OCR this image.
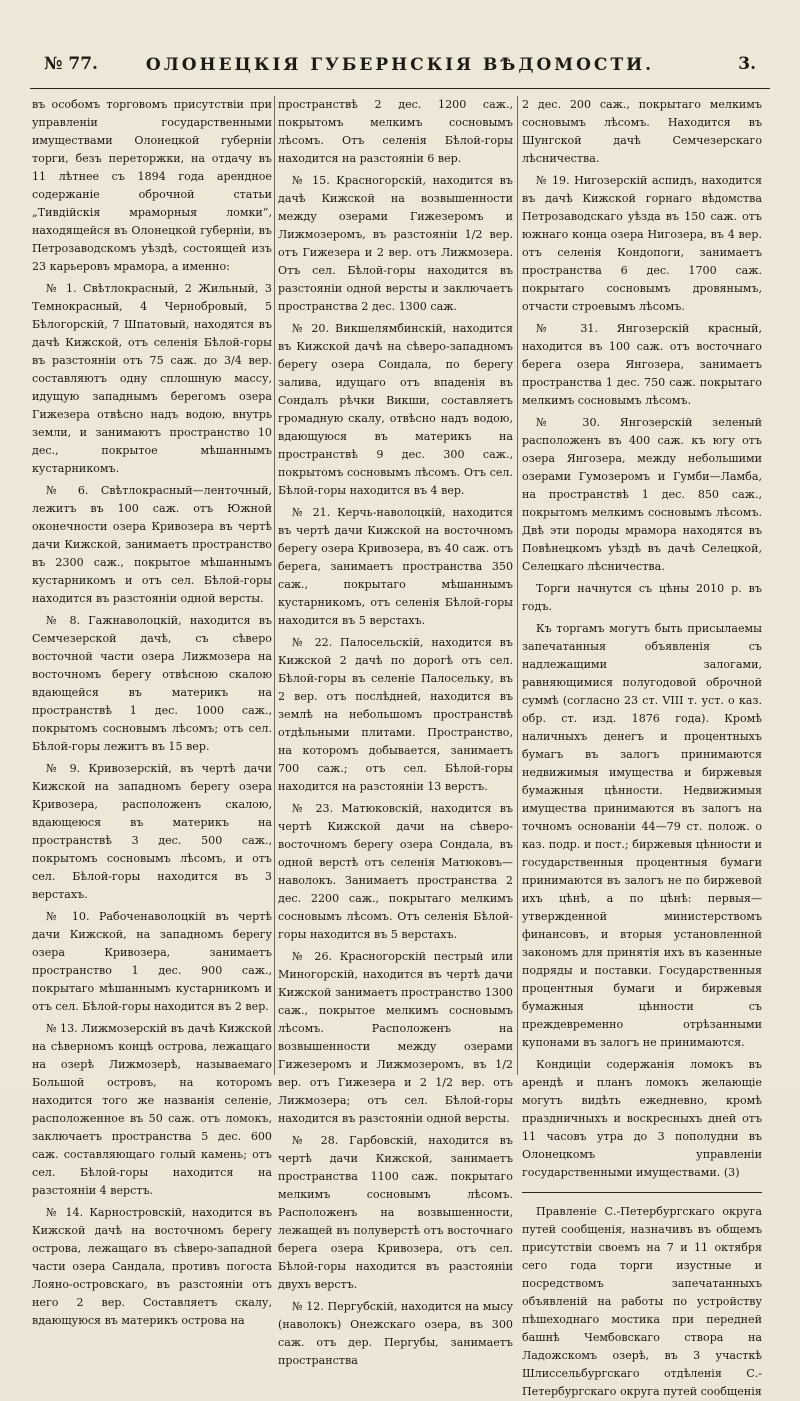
№ 77.	ОЛОНЕЦКІЯ ГУБЕРНСКІЯ ВѢДОМОСТИ.	3.

въ особомъ торговомъ присутствіи при управленіи государственными имуществами Олонецкой губерніи торги, безъ переторжки, на отдачу въ 11 лѣтнее съ 1894 года арендное содержаніе оброчной статьи „Тивдійскія мраморныя ломки“, находящейся въ Олонецкой губерніи, въ Петрозаводскомъ уѣздѣ, состоящей изъ 23 карьеровъ мрамора, а именно:

№ 1. Свѣтлокрасный, 2 Жильный, 3 Темнокрасный, 4 Чернобровый, 5 Бѣлогорскій, 7 Шпатовый, находятся въ дачѣ Кижской, отъ селенія Бѣлой-горы въ разстояніи отъ 75 саж. до 3/4 вер. составляютъ одну сплошную массу, идущую западнымъ берегомъ озера Гижезера отвѣсно надъ водою, внутрь земли, и занимаютъ пространство 10 дес., покрытое мѣшаннымъ кустарникомъ.

№ 6. Свѣтлокрасный—ленточный, лежитъ въ 100 саж. отъ Южной оконечности озера Кривозера въ чертѣ дачи Кижской, занимаетъ пространство въ 2300 саж., покрытое мѣшаннымъ кустарникомъ и отъ сел. Бѣлой-горы находится въ разстояніи одной версты.

№ 8. Гажнаволоцкій, находится въ Семчезерской дачѣ, съ сѣверо восточной части озера Лижмозера на восточномъ берегу отвѣсною скалою вдающейся въ материкъ на пространствѣ 1 дес. 1000 саж., покрытомъ сосновымъ лѣсомъ; отъ сел. Бѣлой-горы лежитъ въ 15 вер.

№ 9. Кривозерскій, въ чертѣ дачи Кижской на западномъ берегу озера Кривозера, расположенъ скалою, вдающеюся въ материкъ на пространствѣ 3 дес. 500 саж., покрытомъ сосновымъ лѣсомъ, и отъ сел. Бѣлой-горы находится въ 3 верстахъ.

№ 10. Рабоченаволоцкій въ чертѣ дачи Кижской, на западномъ берегу озера Кривозера, занимаетъ пространство 1 дес. 900 саж., покрытаго мѣшаннымъ кустарникомъ и отъ сел. Бѣлой-горы находится въ 2 вер.

№ 13. Лижмозерскій въ дачѣ Кижской на сѣверномъ концѣ острова, лежащаго на озерѣ Лижмозерѣ, называемаго Большой островъ, на которомъ находится того же названія селеніе, расположенное въ 50 саж. отъ ломокъ, заключаетъ пространства 5 дес. 600 саж. составляющаго голый камень; отъ сел. Бѣлой-горы находится на разстояніи 4 верстъ.

№ 14. Карностровскій, находится въ Кижской дачѣ на восточномъ берегу острова, лежащаго въ сѣверо-западной части озера Сандала, противъ погоста Лояно-островскаго, въ разстояніи отъ него 2 вер. Составляетъ скалу, вдающуюся въ материкъ острова на

пространствѣ 2 дес. 1200 саж., покрытомъ мелкимъ сосновымъ лѣсомъ. Отъ селенія Бѣлой-горы находится на разстояніи 6 вер.

№ 15. Красногорскій, находится въ дачѣ Кижской на возвышенности между озерами Гижезеромъ и Лижмозеромъ, въ разстояніи 1/2 вер. отъ Гижезера и 2 вер. отъ Лижмозера. Отъ сел. Бѣлой-горы находится въ разстояніи одной версты и заключаетъ пространства 2 дес. 1300 саж.

№ 20. Викшелямбинскій, находится въ Кижской дачѣ на сѣверо-западномъ берегу озера Сондала, по берегу залива, идущаго отъ впаденія въ Сондалъ рѣчки Викши, составляетъ громадную скалу, отвѣсно надъ водою, вдающуюся въ материкъ на пространствѣ 9 дес. 300 саж., покрытомъ сосновымъ лѣсомъ. Отъ сел. Бѣлой-горы находится въ 4 вер.

№ 21. Керчь-наволоцкій, находится въ чертѣ дачи Кижской на восточномъ берегу озера Кривозера, въ 40 саж. отъ берега, занимаетъ пространства 350 саж., покрытаго мѣшаннымъ кустарникомъ, отъ селенія Бѣлой-горы находится въ 5 верстахъ.

№ 22. Палосельскій, находится въ Кижской 2 дачѣ по дорогѣ отъ сел. Бѣлой-горы въ селеніе Палосельку, въ 2 вер. отъ послѣдней, находится въ землѣ на небольшомъ пространствѣ отдѣльными плитами. Пространство, на которомъ добывается, занимаетъ 700 саж.; отъ сел. Бѣлой-горы находится на разстояніи 13 верстъ.

№ 23. Матюковскій, находится въ чертѣ Кижской дачи на сѣверо-восточномъ берегу озера Сондала, въ одной верстѣ отъ селенія Матюковъ—наволокъ. Занимаетъ пространства 2 дес. 2200 саж., покрытаго мелкимъ сосновымъ лѣсомъ. Отъ селенія Бѣлой-горы находится въ 5 верстахъ.

№ 26. Красногорскій пестрый или Миногорскій, находится въ чертѣ дачи Кижской занимаетъ пространство 1300 саж., покрытое мелкимъ сосновымъ лѣсомъ. Расположенъ на возвышенности между озерами Гижезеромъ и Лижмозеромъ, въ 1/2 вер. отъ Гижезера и 2 1/2 вер. отъ Лижмозера; отъ сел. Бѣлой-горы находится въ разстояніи одной версты.

№ 28. Гарбовскій, находится въ чертѣ дачи Кижской, занимаетъ пространства 1100 саж. покрытаго мелкимъ сосновымъ лѣсомъ. Расположенъ на возвышенности, лежащей въ полуверстѣ отъ восточнаго берега озера Кривозера, отъ сел. Бѣлой-горы находится въ разстояніи двухъ верстъ.

№ 12. Пергубскій, находится на мысу (наволокъ) Онежскаго озера, въ 300 саж. отъ дер. Пергубы, занимаетъ пространства

2 дес. 200 саж., покрытаго мелкимъ сосновымъ лѣсомъ. Находится въ Шунгской дачѣ Семчезерскаго лѣсничества.

№ 19. Нигозерскій аспидъ, находится въ дачѣ Кижской горнаго вѣдомства Петрозаводскаго уѣзда въ 150 саж. отъ южнаго конца озера Нигозера, въ 4 вер. отъ селенія Кондопоги, занимаетъ пространства 6 дес. 1700 саж. покрытаго сосновымъ дровянымъ, отчасти строевымъ лѣсомъ.

№ 31. Янгозерскій красный, находится въ 100 саж. отъ восточнаго берега озера Янгозера, занимаетъ пространства 1 дес. 750 саж. покрытаго мелкимъ сосновымъ лѣсомъ.

№ 30. Янгозерскій зеленый расположенъ въ 400 саж. къ югу отъ озера Янгозера, между небольшими озерами Гумозеромъ и Гумби—Ламба, на пространствѣ 1 дес. 850 саж., покрытомъ мелкимъ сосновымъ лѣсомъ. Двѣ эти породы мрамора находятся въ Повѣнецкомъ уѣздѣ въ дачѣ Селецкой, Селецкаго лѣсничества.

Торги начнутся съ цѣны 2010 р. въ годъ.

Къ торгамъ могутъ быть присылаемы запечатанныя объявленія съ надлежащими залогами, равняющимися полугодовой оброчной суммѣ (согласно 23 ст. VIII т. уст. о каз. обр. ст. изд. 1876 года). Кромѣ наличныхъ денегъ и процентныхъ бумагъ въ залогъ принимаются недвижимыя имущества и биржевыя бумажныя цѣнности. Недвижимыя имущества принимаются въ залогъ на точномъ основаніи 44—79 ст. полож. о каз. подр. и пост.; биржевыя цѣнности и государственныя процентныя бумаги принимаются въ залогъ не по биржевой ихъ цѣнѣ, а по цѣнѣ: первыя—утвержденной министерствомъ финансовъ, и вторыя установленной закономъ для принятія ихъ въ казенные подряды и поставки. Государственныя процентныя бумаги и биржевыя бумажныя цѣнности съ преждевременно отрѣзанными купонами въ залогъ не принимаются.

Кондиціи содержанія ломокъ въ арендѣ и планъ ломокъ желающіе могутъ видѣть ежедневно, кромѣ праздничныхъ и воскресныхъ дней отъ 11 часовъ утра до 3 пополудни въ Олонецкомъ управленіи государственными имуществами. (3)

Правленіе С.-Петербургскаго округа путей сообщенія, назначивъ въ общемъ присутствіи своемъ на 7 и 11 октября сего года торги изустные и посредствомъ запечатанныхъ объявленій на работы по устройству пѣшеходнаго мостика при передней башнѣ Чембовскаго створа на Ладожскомъ озерѣ, въ 3 участкѣ Шлиссельбургскаго отдѣленія С.-Петербургскаго округа путей сообщенія
